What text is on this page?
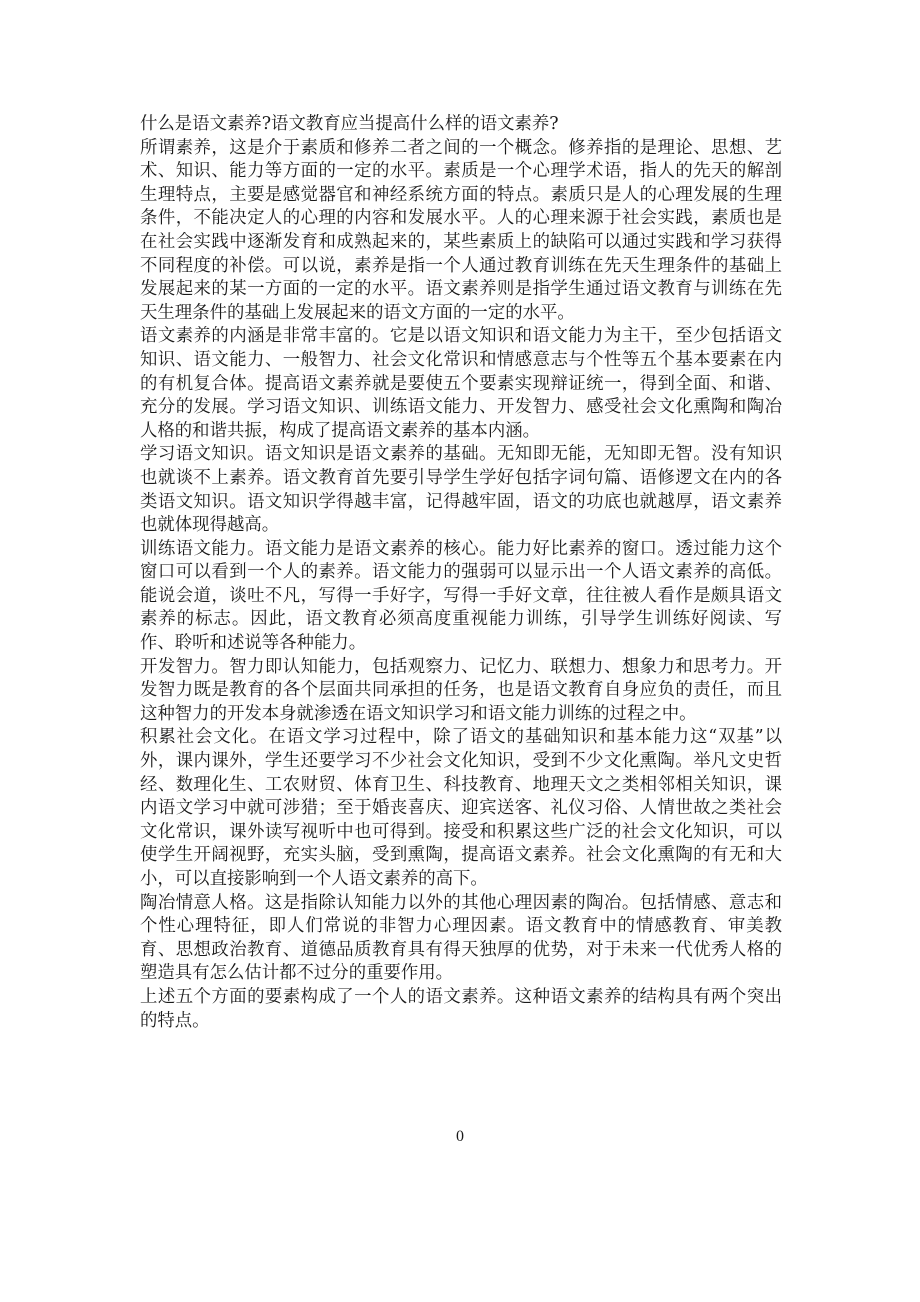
什么是语文素养?语文教育应当提高什么样的语文素养?

所谓素养，这是介于素质和修养二者之间的一个概念。修养指的是理论、思想、艺术、知识、能力等方面的一定的水平。素质是一个心理学术语，指人的先天的解剖生理特点，主要是感觉器官和神经系统方面的特点。素质只是人的心理发展的生理条件，不能决定人的心理的内容和发展水平。人的心理来源于社会实践，素质也是在社会实践中逐渐发育和成熟起来的，某些素质上的缺陷可以通过实践和学习获得不同程度的补偿。可以说，素养是指一个人通过教育训练在先天生理条件的基础上发展起来的某一方面的一定的水平。语文素养则是指学生通过语文教育与训练在先天生理条件的基础上发展起来的语文方面的一定的水平。

语文素养的内涵是非常丰富的。它是以语文知识和语文能力为主干，至少包括语文知识、语文能力、一般智力、社会文化常识和情感意志与个性等五个基本要素在内的有机复合体。提高语文素养就是要使五个要素实现辩证统一，得到全面、和谐、充分的发展。学习语文知识、训练语文能力、开发智力、感受社会文化熏陶和陶冶人格的和谐共振，构成了提高语文素养的基本内涵。

学习语文知识。语文知识是语文素养的基础。无知即无能，无知即无智。没有知识也就谈不上素养。语文教育首先要引导学生学好包括字词句篇、语修逻文在内的各类语文知识。语文知识学得越丰富，记得越牢固，语文的功底也就越厚，语文素养也就体现得越高。

训练语文能力。语文能力是语文素养的核心。能力好比素养的窗口。透过能力这个窗口可以看到一个人的素养。语文能力的强弱可以显示出一个人语文素养的高低。能说会道，谈吐不凡，写得一手好字，写得一手好文章，往往被人看作是颇具语文素养的标志。因此，语文教育必须高度重视能力训练，引导学生训练好阅读、写作、聆听和述说等各种能力。

开发智力。智力即认知能力，包括观察力、记忆力、联想力、想象力和思考力。开发智力既是教育的各个层面共同承担的任务，也是语文教育自身应负的责任，而且这种智力的开发本身就渗透在语文知识学习和语文能力训练的过程之中。

积累社会文化。在语文学习过程中，除了语文的基础知识和基本能力这“双基”以外，课内课外，学生还要学习不少社会文化知识，受到不少文化熏陶。举凡文史哲经、数理化生、工农财贸、体育卫生、科技教育、地理天文之类相邻相关知识，课内语文学习中就可涉猎；至于婚丧喜庆、迎宾送客、礼仪习俗、人情世故之类社会文化常识，课外读写视听中也可得到。接受和积累这些广泛的社会文化知识，可以使学生开阔视野，充实头脑，受到熏陶，提高语文素养。社会文化熏陶的有无和大小，可以直接影响到一个人语文素养的高下。

陶冶情意人格。这是指除认知能力以外的其他心理因素的陶冶。包括情感、意志和个性心理特征，即人们常说的非智力心理因素。语文教育中的情感教育、审美教育、思想政治教育、道德品质教育具有得天独厚的优势，对于未来一代优秀人格的塑造具有怎么估计都不过分的重要作用。

上述五个方面的要素构成了一个人的语文素养。这种语文素养的结构具有两个突出的特点。

0
